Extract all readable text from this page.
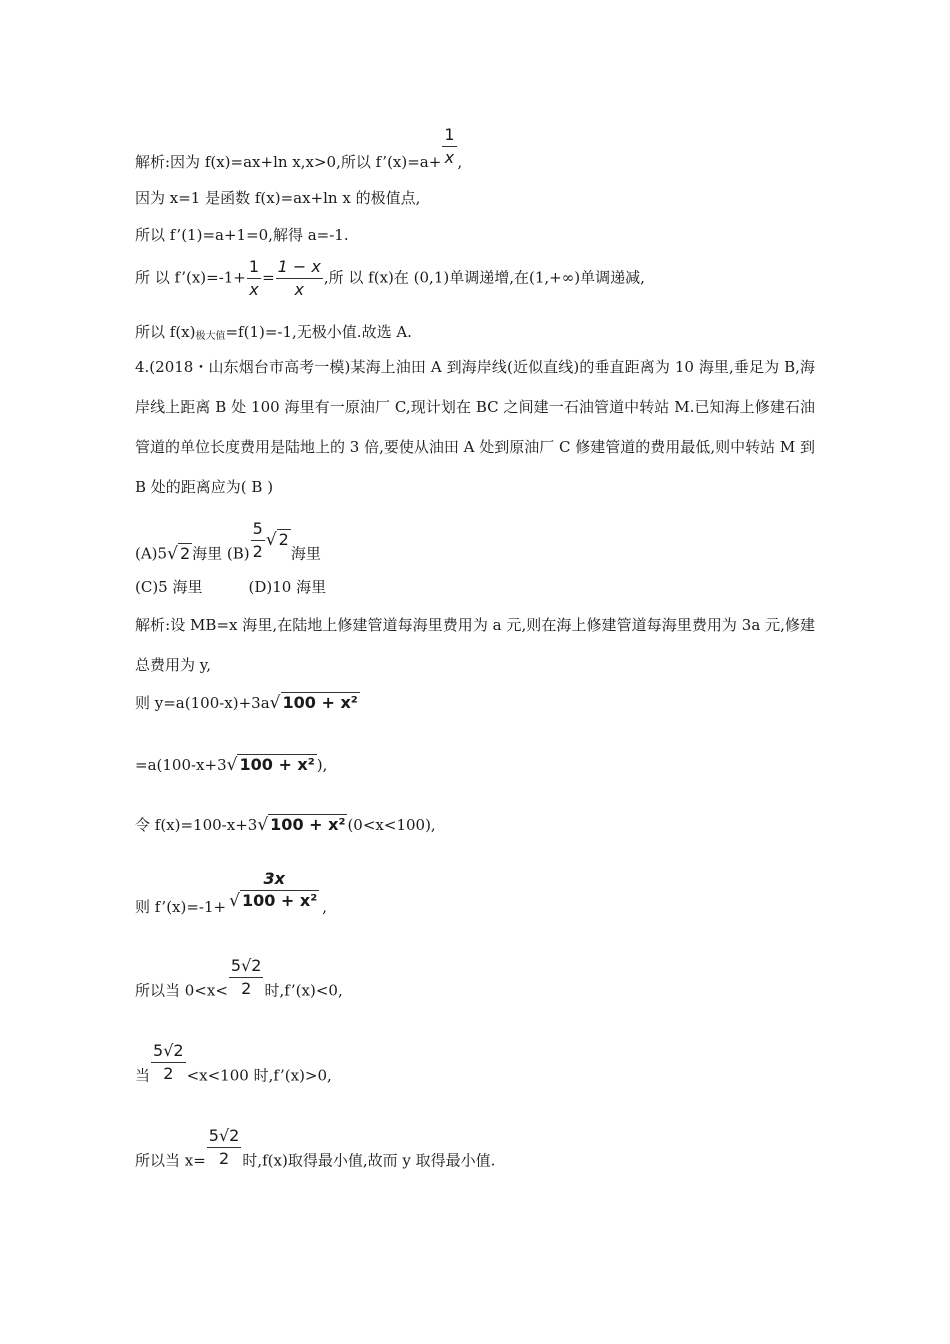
解析:因为 f(x)=ax+ln x,x>0,所以 f’(x)=a+ $\frac{1}{x}$ ,
因为 x=1 是函数 f(x)=ax+ln x 的极值点,
所以 f’(1)=a+1=0,解得 a=-1.
所 以 f’(x)=-1+ $\frac{1}{x} = \frac{1 - x}{x}$ ,所 以 f(x)在 (0,1)单调递增,在(1,+∞)单调递减,
所以 f(x)极大值=f(1)=-1,无极小值.故选 A.
4.(2018・山东烟台市高考一模)某海上油田 A 到海岸线(近似直线)的垂直距离为 10 海里,垂足为 B,海岸线上距离 B 处 100 海里有一原油厂 C,现计划在 BC 之间建一石油管道中转站 M.已知海上修建石油管道的单位长度费用是陆地上的 3 倍,要使从油田 A 处到原油厂 C 修建管道的费用最低,则中转站 M 到 B 处的距离应为( B )
(A)5√ 2 海里 $(B) \frac{5}{2}$ √ 2海里
(C)5 海里	(D)10 海里
解析:设 MB=x 海里,在陆地上修建管道每海里费用为 a 元,则在海上修建管道每海里费用为 3a 元,修建总费用为 y,
则 y=a(100-x)+3a√ 100 + x²
=a(100-x+3√ 100 + x² ),
令 f(x)=100-x+3√ 100 + x² (0<x<100),
则 f’(x)=-1+
3x
√ 100 + x² ,
所以当 $0<x< \frac{5√2}{2}$ 时,f’(x)<0,
当 $\frac{5√2}{2} <x<100$ 时,f’(x)>0,
所以当 $x= \frac{5√2}{2}$ 时,f(x)取得最小值,故而 y 取得最小值.
